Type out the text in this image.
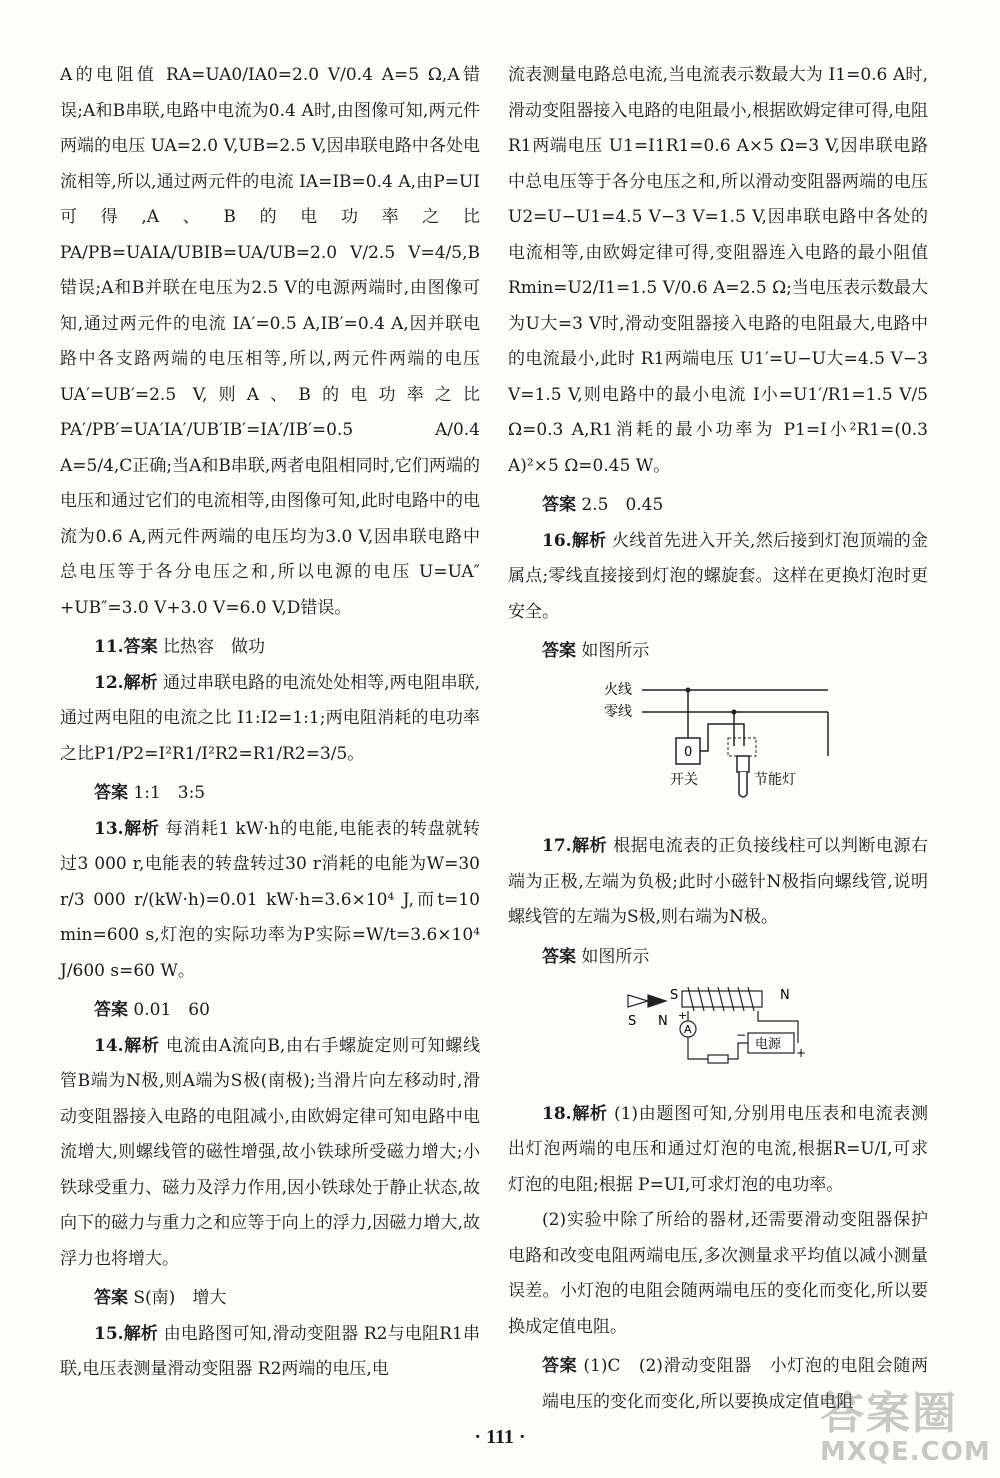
A的电阻值 RA=UA0/IA0=2.0 V/0.4 A=5 Ω,A错误;A和B串联,电路中电流为0.4 A时,由图像可知,两元件两端的电压 UA=2.0 V,UB=2.5 V,因串联电路中各处电流相等,所以,通过两元件的电流 IA=IB=0.4 A,由P=UI可得,A、B的电功率之比PA/PB=UAIA/UBIB=UA/UB=2.0 V/2.5 V=4/5,B错误;A和B并联在电压为2.5 V的电源两端时,由图像可知,通过两元件的电流 IA′=0.5 A,IB′=0.4 A,因并联电路中各支路两端的电压相等,所以,两元件两端的电压 UA′=UB′=2.5 V,则A、B的电功率之比PA′/PB′=UA′IA′/UB′IB′=IA′/IB′=0.5 A/0.4 A=5/4,C正确;当A和B串联,两者电阻相同时,它们两端的电压和通过它们的电流相等,由图像可知,此时电路中的电流为0.6 A,两元件两端的电压均为3.0 V,因串联电路中总电压等于各分电压之和,所以电源的电压 U=UA″+UB″=3.0 V+3.0 V=6.0 V,D错误。

11.答案 比热容　做功

12.解析 通过串联电路的电流处处相等,两电阻串联,通过两电阻的电流之比 I1:I2=1:1;两电阻消耗的电功率之比P1/P2=I²R1/I²R2=R1/R2=3/5。

答案 1:1　3:5

13.解析 每消耗1 kW·h的电能,电能表的转盘就转过3 000 r,电能表的转盘转过30 r消耗的电能为W=30 r/3 000 r/(kW·h)=0.01 kW·h=3.6×10⁴ J,而t=10 min=600 s,灯泡的实际功率为P实际=W/t=3.6×10⁴ J/600 s=60 W。

答案 0.01　60

14.解析 电流由A流向B,由右手螺旋定则可知螺线管B端为N极,则A端为S极(南极);当滑片向左移动时,滑动变阻器接入电路的电阻减小,由欧姆定律可知电路中电流增大,则螺线管的磁性增强,故小铁球所受磁力增大;小铁球受重力、磁力及浮力作用,因小铁球处于静止状态,故向下的磁力与重力之和应等于向上的浮力,因磁力增大,故浮力也将增大。

答案 S(南)　增大

15.解析 由电路图可知,滑动变阻器 R2与电阻R1串联,电压表测量滑动变阻器 R2两端的电压,电

流表测量电路总电流,当电流表示数最大为 I1=0.6 A时,滑动变阻器接入电路的电阻最小,根据欧姆定律可得,电阻 R1两端电压 U1=I1R1=0.6 A×5 Ω=3 V,因串联电路中总电压等于各分电压之和,所以滑动变阻器两端的电压 U2=U−U1=4.5 V−3 V=1.5 V,因串联电路中各处的电流相等,由欧姆定律可得,变阻器连入电路的最小阻值 Rmin=U2/I1=1.5 V/0.6 A=2.5 Ω;当电压表示数最大为U大=3 V时,滑动变阻器接入电路的电阻最大,电路中的电流最小,此时 R1两端电压 U1′=U−U大=4.5 V−3 V=1.5 V,则电路中的最小电流 I小=U1′/R1=1.5 V/5 Ω=0.3 A,R1消耗的最小功率为 P1=I小²R1=(0.3 A)²×5 Ω=0.45 W。

答案 2.5　0.45

16.解析 火线首先进入开关,然后接到灯泡顶端的金属点;零线直接接到灯泡的螺旋套。这样在更换灯泡时更安全。

答案 如图所示

火线
零线
0
开关	节能灯

17.解析 根据电流表的正负接线柱可以判断电源右端为正极,左端为负极;此时小磁针N极指向螺线管,说明螺线管的左端为S极,则右端为N极。

答案 如图所示

S N
S	N
A
+
−
电源
+

18.解析 (1)由题图可知,分别用电压表和电流表测出灯泡两端的电压和通过灯泡的电流,根据R=U/I,可求灯泡的电阻;根据 P=UI,可求灯泡的电功率。

(2)实验中除了所给的器材,还需要滑动变阻器保护电路和改变电阻两端电压,多次测量求平均值以减小测量误差。小灯泡的电阻会随两端电压的变化而变化,所以要换成定值电阻。

答案 (1)C　(2)滑动变阻器　小灯泡的电阻会随两端电压的变化而变化,所以要换成定值电阻

· 111 ·	答案圈
MXQE.COM
